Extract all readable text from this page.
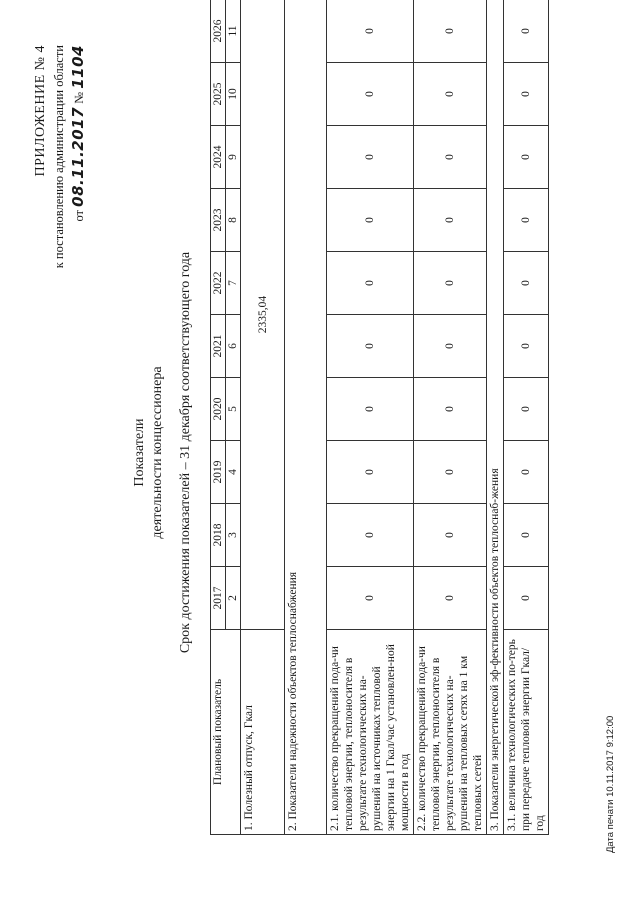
ПРИЛОЖЕНИЕ № 4 к постановлению администрации области от 08.11.2017 № 1104
Показатели деятельности концессионера Срок достижения показателей – 31 декабря соответствующего года
Плановый показатель	2017	2018	2019	2020	2021	2022	2023	2024	2025	2026
	2	3	4	5	6	7	8	9	10	11
1. Полезный отпуск, Гкал	2335,04									
2. Показатели надежности объектов теплоснабжения										
2.1. количество прекращений пода-чи тепловой энергии, теплоносителя в результате технологических на-рушений на источниках тепловой энергии на 1 Гкал/час установлен-ной мощности в год	0	0	0	0	0	0	0	0	0	0
2.2. количество прекращений пода-чи тепловой энергии, теплоносителя в результате технологических на-рушений на тепловых сетях на 1 км тепловых сетей	0	0	0	0	0	0	0	0	0	0
3. Показатели энергетической эф-фективности объектов теплоснаб-жения										
3.1. величина технологических по-терь при передаче тепловой энергии Гкал/год	0	0	0	0	0	0	0	0	0	0
Дата печати 10.11.2017 9:12:00
